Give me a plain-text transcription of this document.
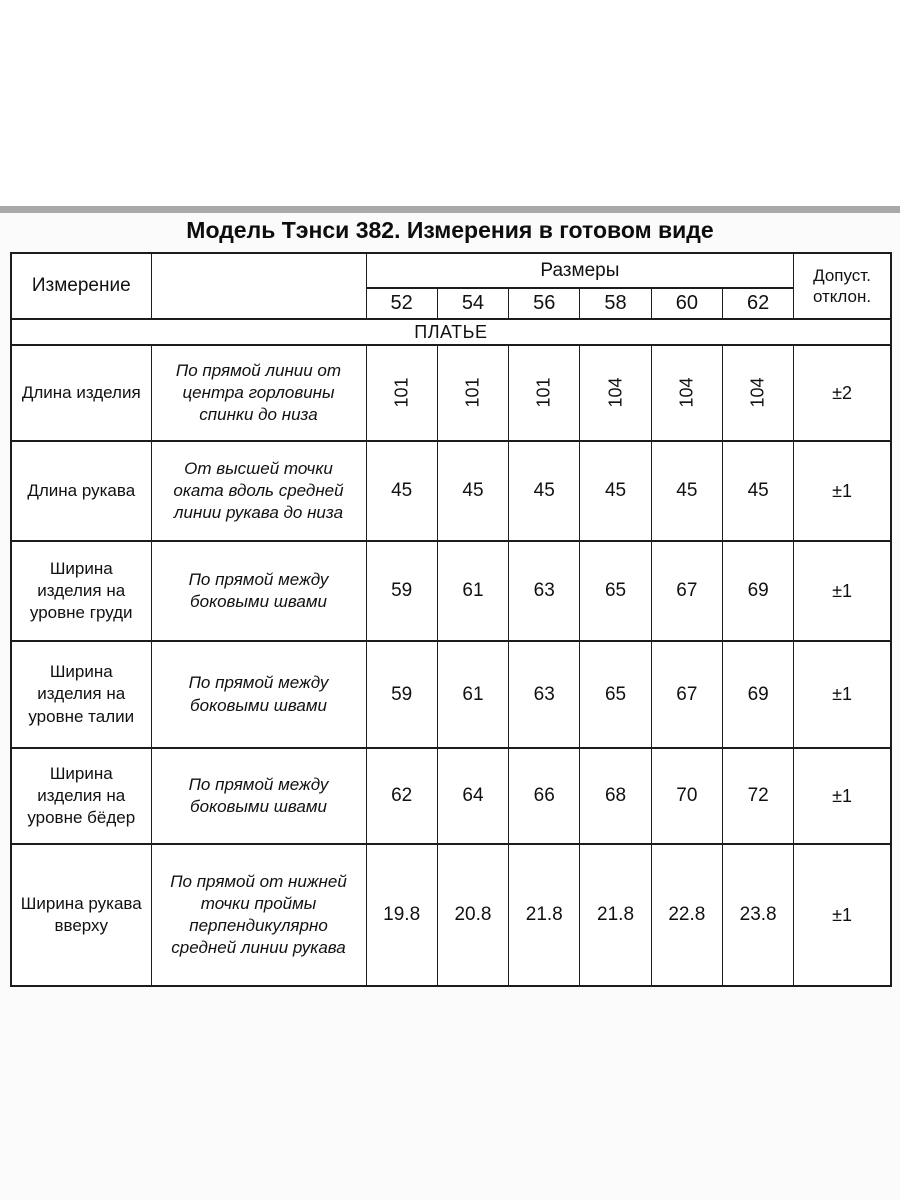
Модель Тэнси 382. Измерения в готовом виде
Измерение		Размеры						Допуст.
отклон.

		52	54	56	58	60	62	
ПЛАТЬЕ								
Длина изделия	По прямой линии от центра горловины спинки до низа	101	101	101	104	104	104	±2
Длина рукава	От высшей точки оката вдоль средней линии рукава до низа	45	45	45	45	45	45	±1
Ширина изделия на уровне груди	По прямой между боковыми швами	59	61	63	65	67	69	±1
Ширина изделия на уровне талии	По прямой между боковыми швами	59	61	63	65	67	69	±1
Ширина изделия на уровне бёдер	По прямой между боковыми швами	62	64	66	68	70	72	±1
Ширина рукава вверху	По прямой от нижней точки проймы перпендикулярно средней линии рукава	19.8	20.8	21.8	21.8	22.8	23.8	±1
